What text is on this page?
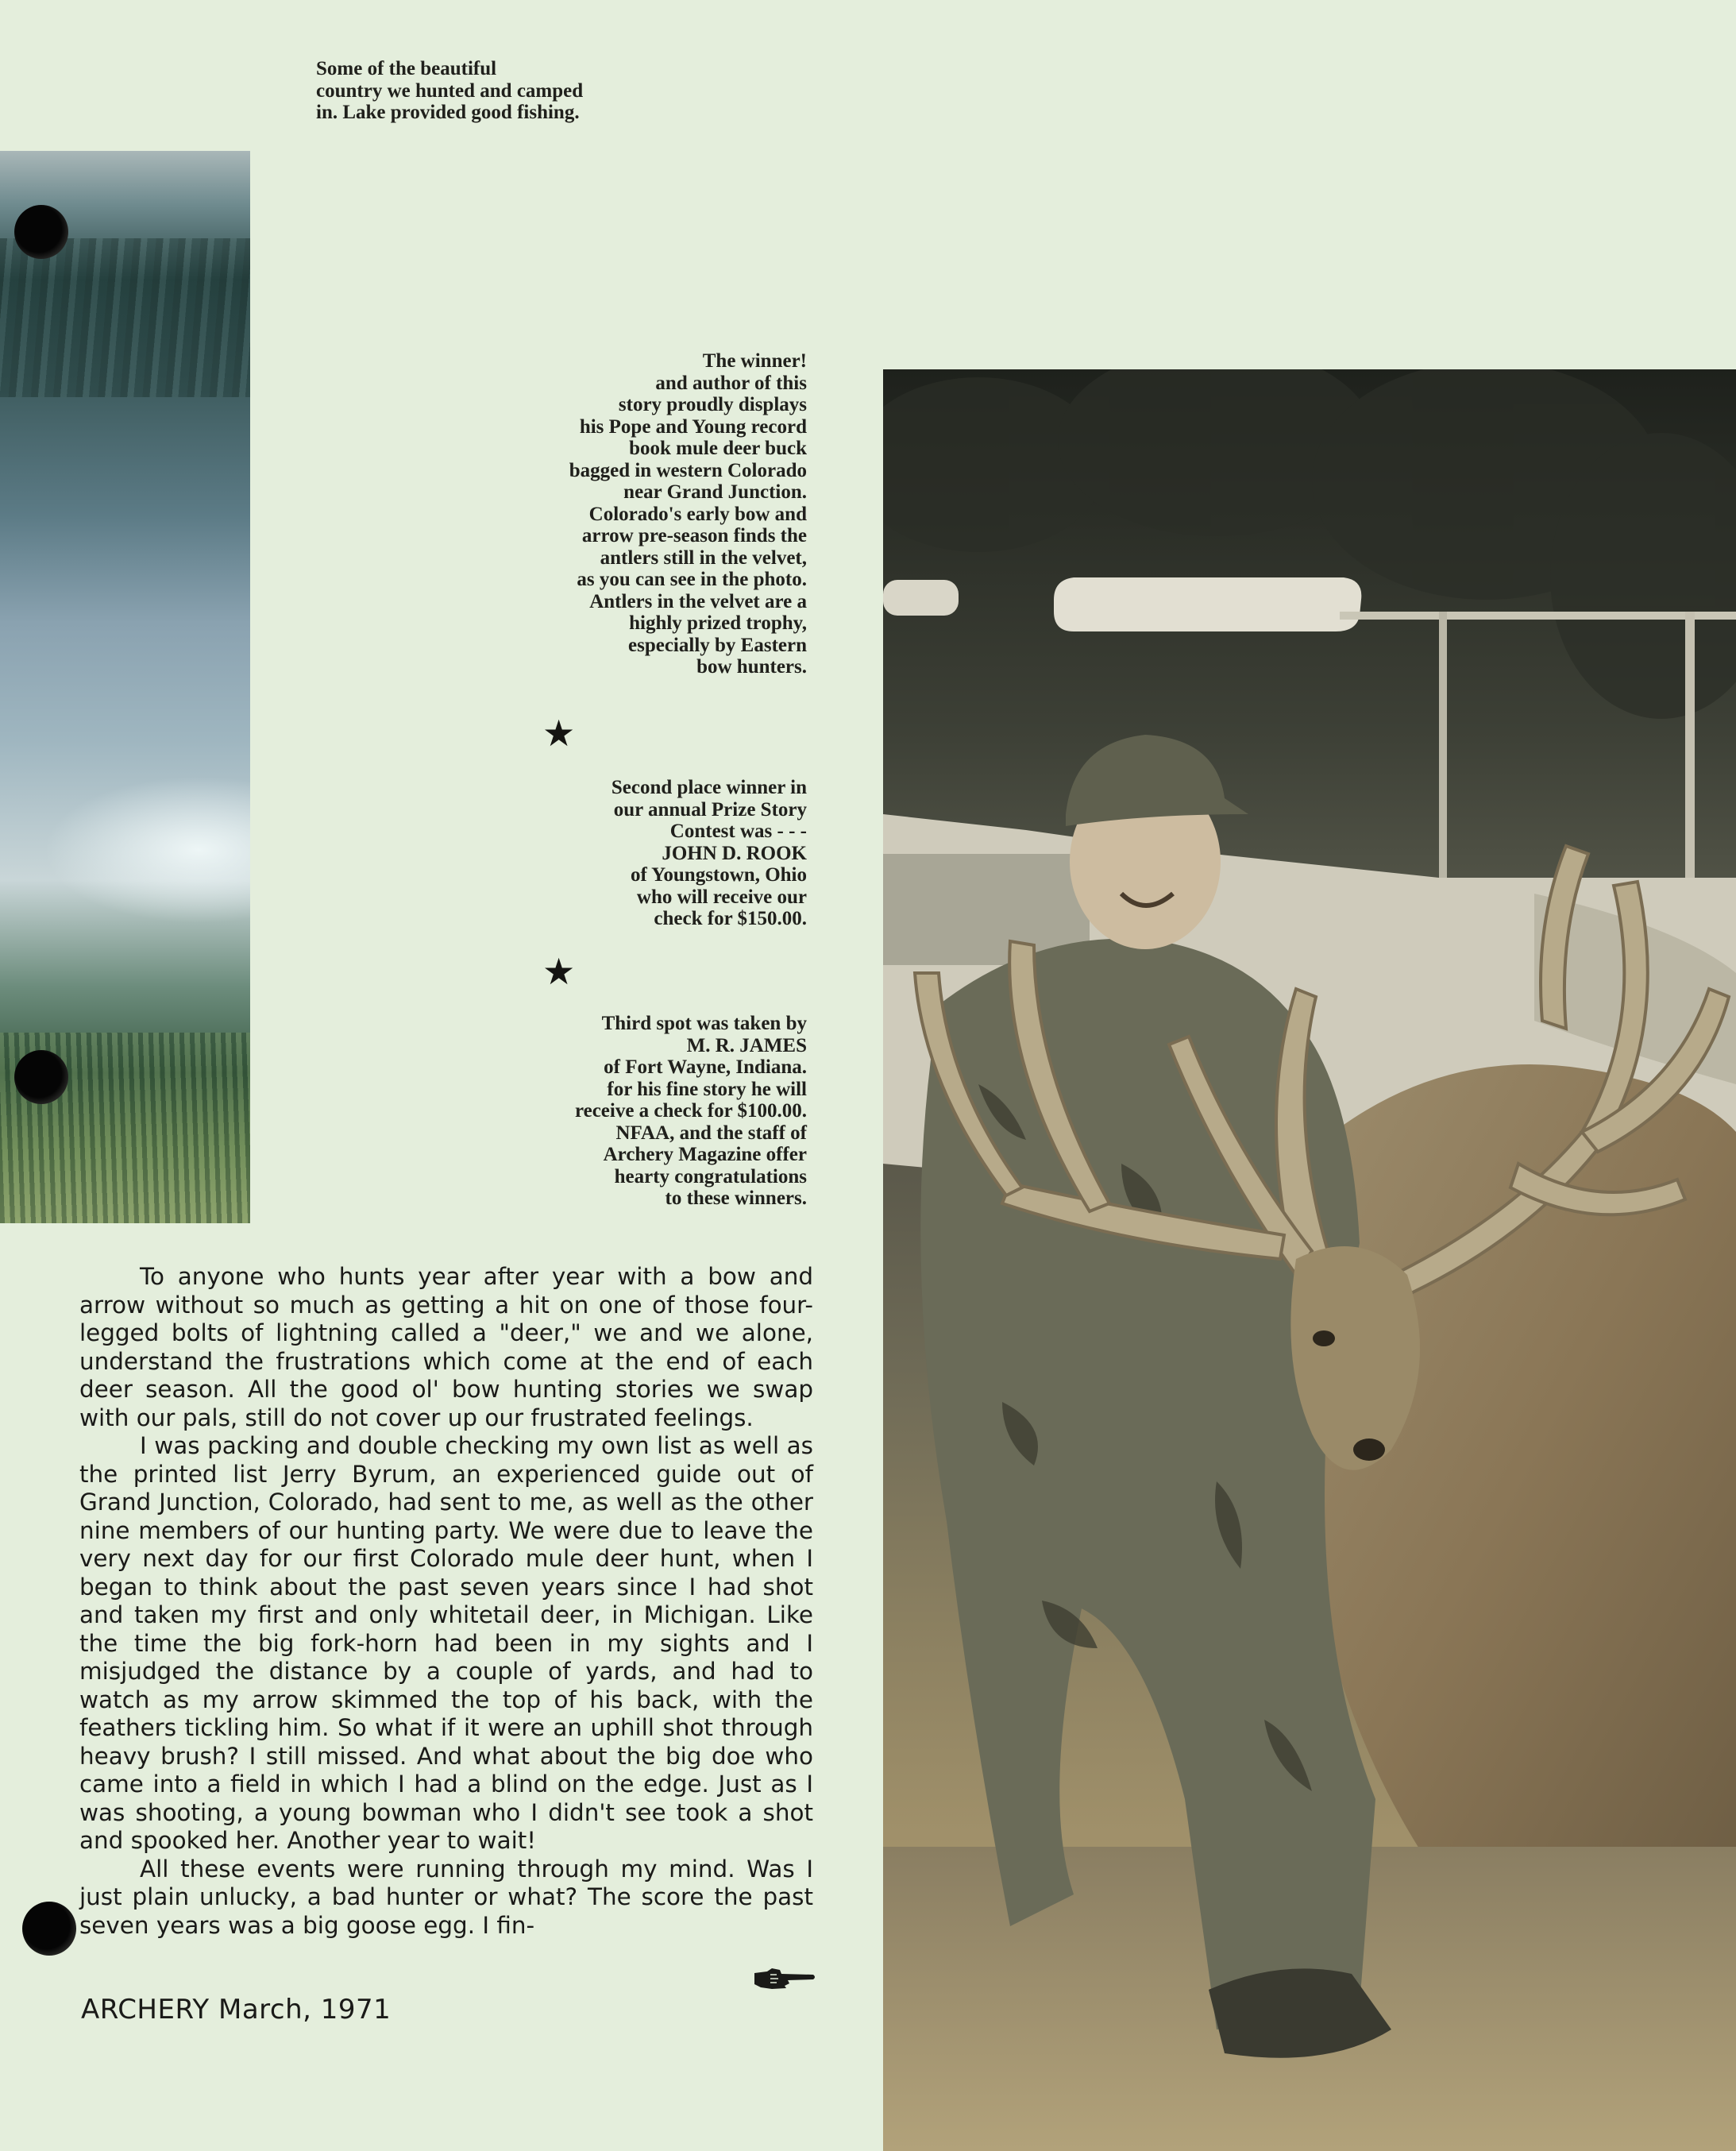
Some of the beautiful
country we hunted and camped
in. Lake provided good fishing.
The winner!
and author of this
story proudly displays
his Pope and Young record
book mule deer buck
bagged in western Colorado
near Grand Junction.
Colorado's early bow and
arrow pre-season finds the
antlers still in the velvet,
as you can see in the photo.
Antlers in the velvet are a
highly prized trophy,
especially by Eastern
bow hunters.
★
Second place winner in
our annual Prize Story
Contest was - - -
JOHN D. ROOK
of Youngstown, Ohio
who will receive our
check for $150.00.
★
Third spot was taken by
M. R. JAMES
of Fort Wayne, Indiana.
for his fine story he will
receive a check for $100.00.
NFAA, and the staff of
Archery Magazine offer
hearty congratulations
to these winners.

To anyone who hunts year after year with a bow and arrow without so much as getting a hit on one of those four-legged bolts of lightning called a "deer," we and we alone, understand the frustrations which come at the end of each deer season. All the good ol' bow hunting stories we swap with our pals, still do not cover up our frustrated feelings.

I was packing and double checking my own list as well as the printed list Jerry Byrum, an experienced guide out of Grand Junction, Colorado, had sent to me, as well as the other nine members of our hunting party. We were due to leave the very next day for our first Colorado mule deer hunt, when I began to think about the past seven years since I had shot and taken my first and only whitetail deer, in Michigan. Like the time the big fork-horn had been in my sights and I misjudged the distance by a couple of yards, and had to watch as my arrow skimmed the top of his back, with the feathers tickling him. So what if it were an uphill shot through heavy brush? I still missed. And what about the big doe who came into a field in which I had a blind on the edge. Just as I was shooting, a young bowman who I didn't see took a shot and spooked her. Another year to wait!

All these events were running through my mind. Was I just plain unlucky, a bad hunter or what? The score the past seven years was a big goose egg. I fin-

ARCHERY March, 1971
